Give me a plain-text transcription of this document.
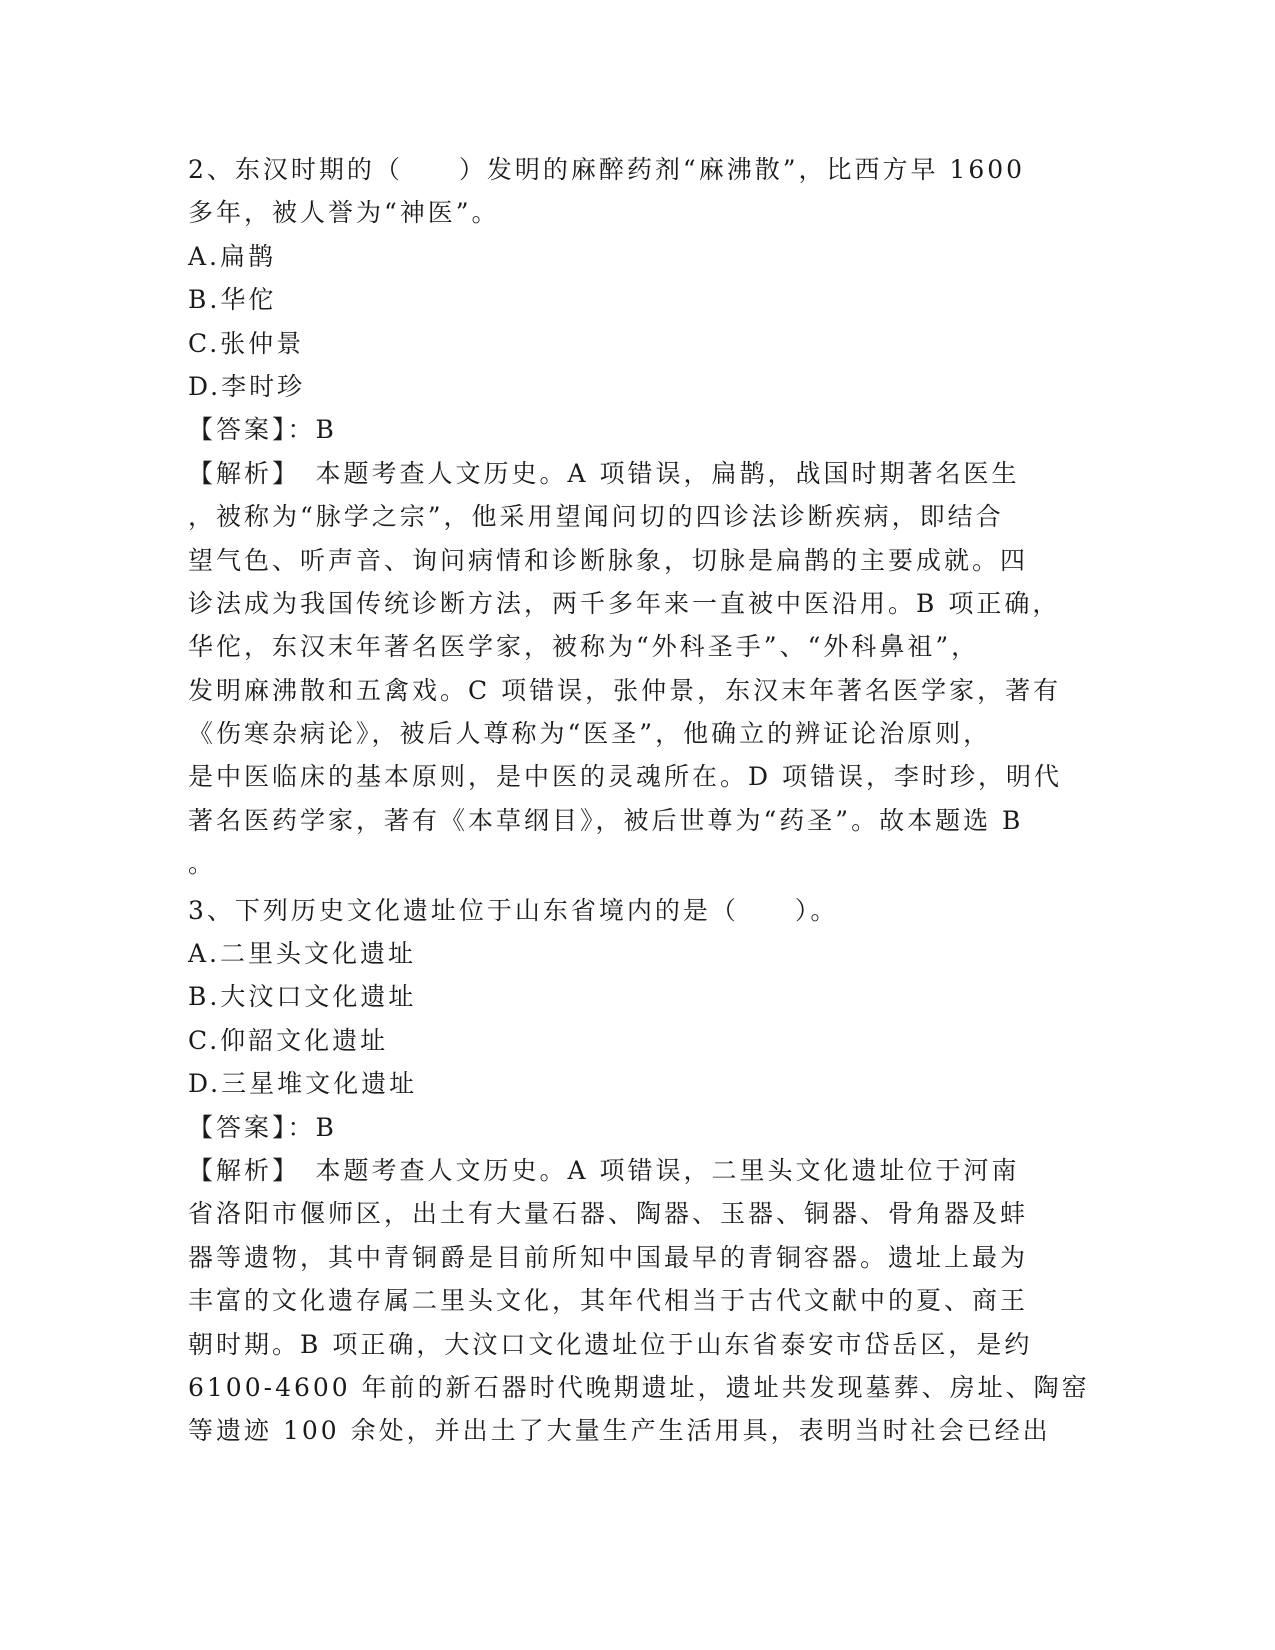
2、东汉时期的（　　）发明的麻醉药剂“麻沸散”，比西方早 1600
多年，被人誉为“神医”。
A.扁鹊
B.华佗
C.张仲景
D.李时珍
【答案】：B
【解析】　本题考查人文历史。A 项错误，扁鹊，战国时期著名医生
，被称为“脉学之宗”，他采用望闻问切的四诊法诊断疾病，即结合
望气色、听声音、询问病情和诊断脉象，切脉是扁鹊的主要成就。四
诊法成为我国传统诊断方法，两千多年来一直被中医沿用。B 项正确，
华佗，东汉末年著名医学家，被称为“外科圣手”、“外科鼻祖”，
发明麻沸散和五禽戏。C 项错误，张仲景，东汉末年著名医学家，著有
《伤寒杂病论》，被后人尊称为“医圣”，他确立的辨证论治原则，
是中医临床的基本原则，是中医的灵魂所在。D 项错误，李时珍，明代
著名医药学家，著有《本草纲目》，被后世尊为“药圣”。故本题选 B
。
3、下列历史文化遗址位于山东省境内的是（　　）。
A.二里头文化遗址
B.大汶口文化遗址
C.仰韶文化遗址
D.三星堆文化遗址
【答案】：B
【解析】　本题考查人文历史。A 项错误，二里头文化遗址位于河南
省洛阳市偃师区，出土有大量石器、陶器、玉器、铜器、骨角器及蚌
器等遗物，其中青铜爵是目前所知中国最早的青铜容器。遗址上最为
丰富的文化遗存属二里头文化，其年代相当于古代文献中的夏、商王
朝时期。B 项正确，大汶口文化遗址位于山东省泰安市岱岳区，是约
6100-4600 年前的新石器时代晚期遗址，遗址共发现墓葬、房址、陶窑
等遗迹 100 余处，并出土了大量生产生活用具，表明当时社会已经出
